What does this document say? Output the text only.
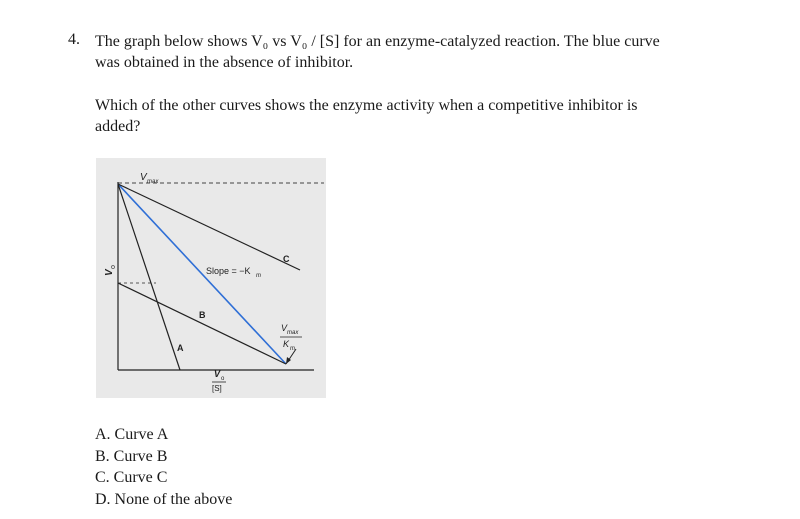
4. The graph below shows V₀ vs V₀ / [S] for an enzyme-catalyzed reaction. The blue curve
was obtained in the absence of inhibitor.
Which of the other curves shows the enzyme activity when a competitive inhibitor is
added?
V max
V
o	Slope = −K m
A
B
C
V max
K m
V o
[S]
A. Curve A
B. Curve B
C. Curve C
D. None of the above
